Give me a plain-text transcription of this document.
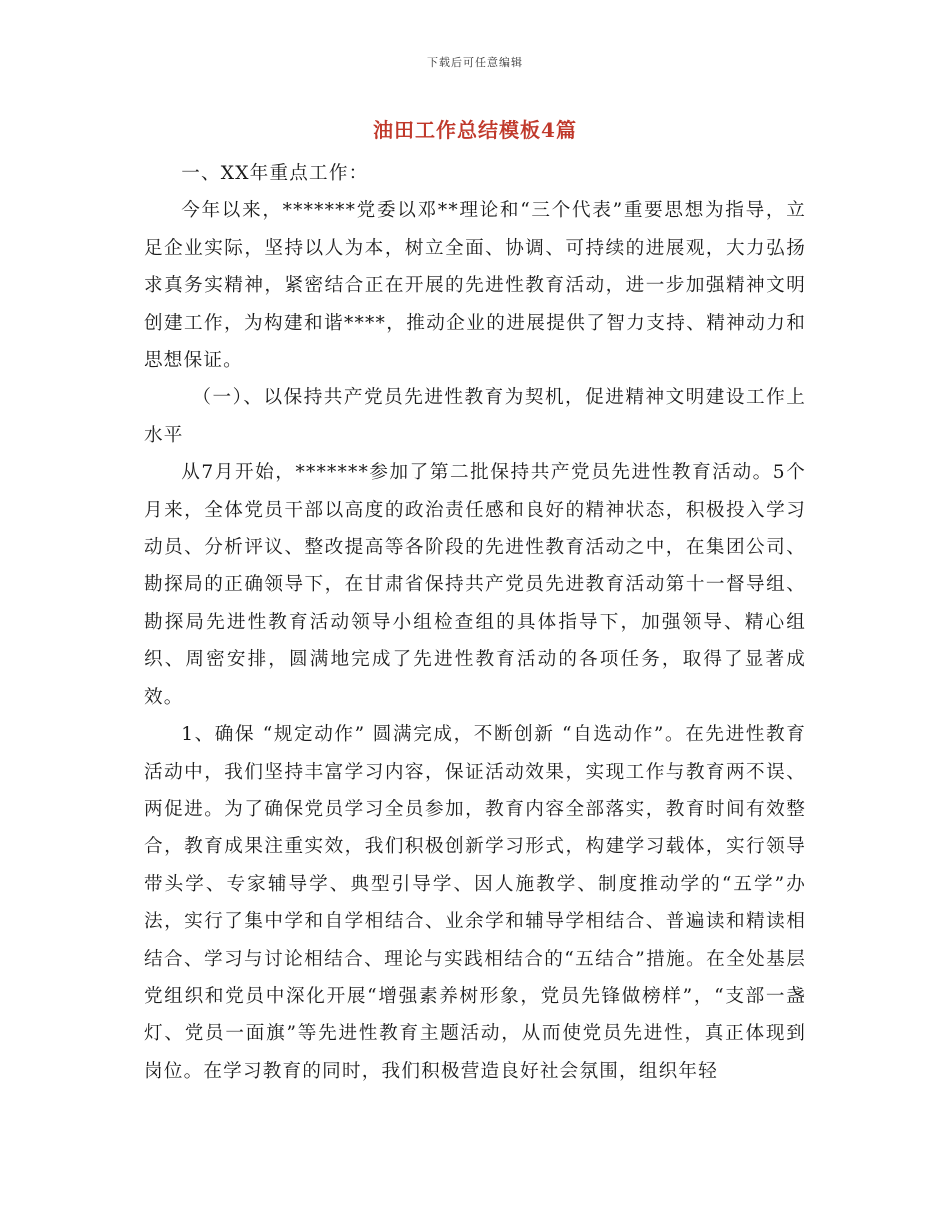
下载后可任意编辑
油田工作总结模板4篇

一、XX年重点工作：

今年以来，*******党委以邓**理论和“三个代表”重要思想为指导，立足企业实际，坚持以人为本，树立全面、协调、可持续的进展观，大力弘扬求真务实精神，紧密结合正在开展的先进性教育活动，进一步加强精神文明创建工作，为构建和谐****，推动企业的进展提供了智力支持、精神动力和思想保证。

（一）、以保持共产党员先进性教育为契机，促进精神文明建设工作上水平

从7月开始，*******参加了第二批保持共产党员先进性教育活动。5个月来，全体党员干部以高度的政治责任感和良好的精神状态，积极投入学习动员、分析评议、整改提高等各阶段的先进性教育活动之中，在集团公司、勘探局的正确领导下，在甘肃省保持共产党员先进教育活动第十一督导组、勘探局先进性教育活动领导小组检查组的具体指导下，加强领导、精心组织、周密安排，圆满地完成了先进性教育活动的各项任务，取得了显著成效。

1、确保 “规定动作” 圆满完成，不断创新 “自选动作”。在先进性教育活动中，我们坚持丰富学习内容，保证活动效果，实现工作与教育两不误、两促进。为了确保党员学习全员参加，教育内容全部落实，教育时间有效整合，教育成果注重实效，我们积极创新学习形式，构建学习载体，实行领导带头学、专家辅导学、典型引导学、因人施教学、制度推动学的“五学”办法，实行了集中学和自学相结合、业余学和辅导学相结合、普遍读和精读相结合、学习与讨论相结合、理论与实践相结合的“五结合”措施。在全处基层党组织和党员中深化开展“增强素养树形象，党员先锋做榜样”，“支部一盏灯、党员一面旗”等先进性教育主题活动，从而使党员先进性，真正体现到岗位。在学习教育的同时，我们积极营造良好社会氛围，组织年轻
